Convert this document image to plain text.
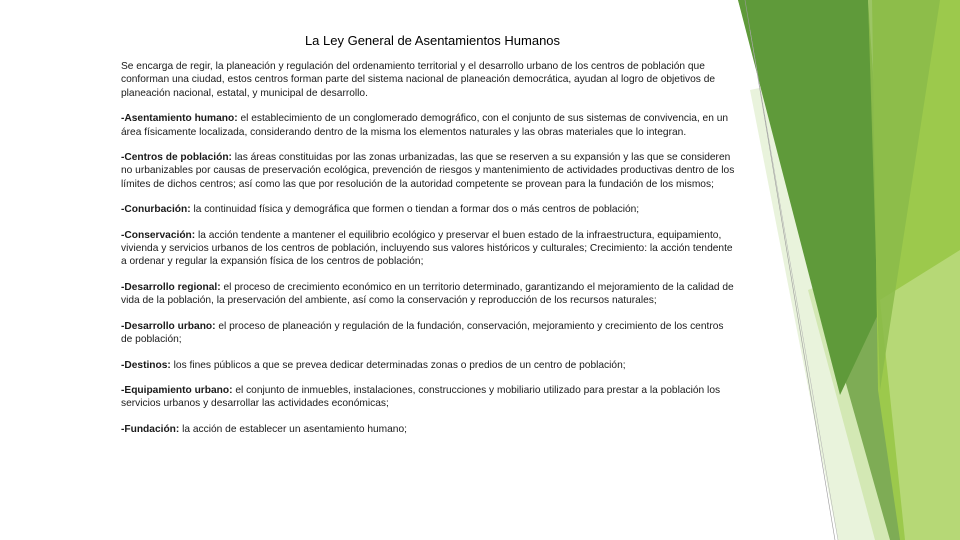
La Ley General de Asentamientos Humanos

Se encarga de regir, la planeación y regulación del ordenamiento territorial y el desarrollo urbano de los centros de población que conforman una ciudad, estos centros forman parte del sistema nacional de planeación democrática, ayudan al logro de objetivos de planeación nacional, estatal, y municipal de desarrollo.

-Asentamiento humano: el establecimiento de un conglomerado demográfico, con el conjunto de sus sistemas de convivencia, en un área físicamente localizada, considerando dentro de la misma los elementos naturales y las obras materiales que lo integran.

-Centros de población: las áreas constituidas por las zonas urbanizadas, las que se reserven a su expansión y las que se consideren no urbanizables por causas de preservación ecológica, prevención de riesgos y mantenimiento de actividades productivas dentro de los límites de dichos centros; así como las que por resolución de la autoridad competente se provean para la fundación de los mismos;

-Conurbación: la continuidad física y demográfica que formen o tiendan a formar dos o más centros de población;

-Conservación: la acción tendente a mantener el equilibrio ecológico y preservar el buen estado de la infraestructura, equipamiento, vivienda y servicios urbanos de los centros de población, incluyendo sus valores históricos y culturales; Crecimiento: la acción tendente a ordenar y regular la expansión física de los centros de población;

-Desarrollo regional: el proceso de crecimiento económico en un territorio determinado, garantizando el mejoramiento de la calidad de vida de la población, la preservación del ambiente, así como la conservación y reproducción de los recursos naturales;

-Desarrollo urbano: el proceso de planeación y regulación de la fundación, conservación, mejoramiento y crecimiento de los centros de población;

-Destinos: los fines públicos a que se prevea dedicar determinadas zonas o predios de un centro de población;

-Equipamiento urbano: el conjunto de inmuebles, instalaciones, construcciones y mobiliario utilizado para prestar a la población los servicios urbanos y desarrollar las actividades económicas;

-Fundación: la acción de establecer un asentamiento humano;
